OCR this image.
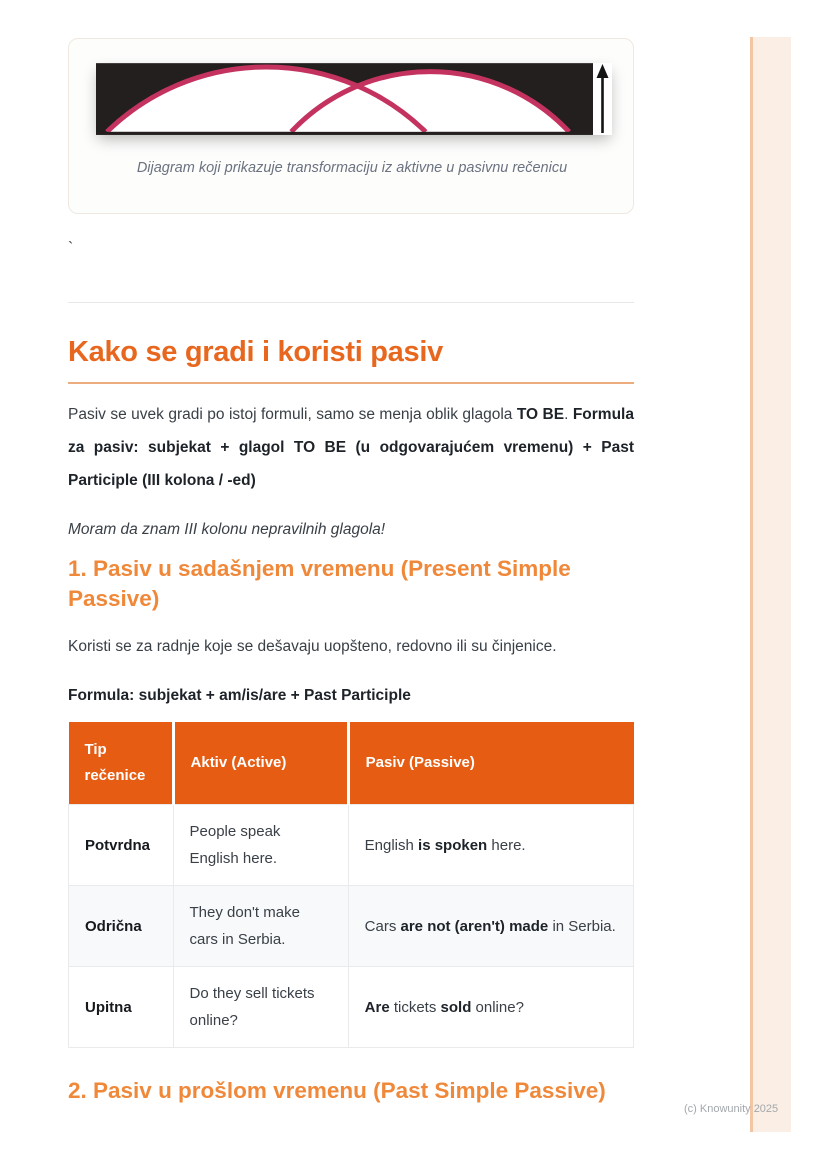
Dijagram koji prikazuje transformaciju iz aktivne u pasivnu rečenicu
`
Kako se gradi i koristi pasiv

Pasiv se uvek gradi po istoj formuli, samo se menja oblik glagola TO BE. Formula za pasiv: subjekat + glagol TO BE (u odgovarajućem vremenu) + Past Participle (III kolona / -ed)

Moram da znam III kolonu nepravilnih glagola!

1. Pasiv u sadašnjem vremenu (Present Simple Passive)

Koristi se za radnje koje se dešavaju uopšteno, redovno ili su činjenice.

Formula: subjekat + am/is/are + Past Participle

Tip rečenice	Aktiv (Active)	Pasiv (Passive)
Potvrdna	People speak English here.	English is spoken here.
Odrična	They don't make cars in Serbia.	Cars are not (aren't) made in Serbia.
Upitna	Do they sell tickets online?	Are tickets sold online?
2. Pasiv u prošlom vremenu (Past Simple Passive)
(c) Knowunity 2025
